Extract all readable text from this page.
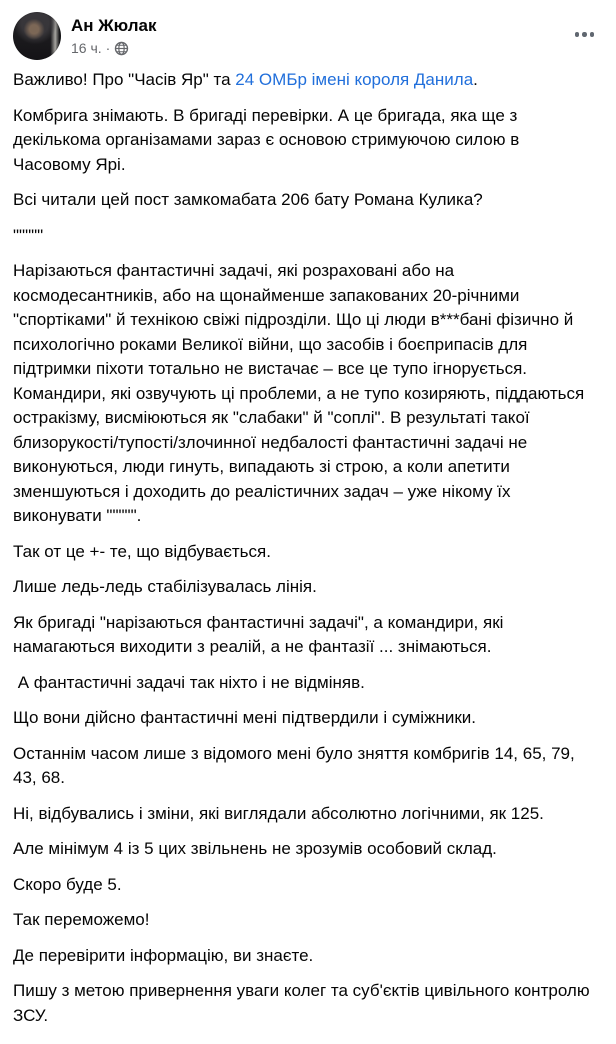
Ан Жюлак
16 ч. ·

Важливо! Про "Часів Яр" та 24 ОМБр імені короля Данила.

Комбрига знімають. В бригаді перевірки. А це бригада, яка ще з декількома організамами зараз є основою стримуючою силою в Часовому Ярі.

Всі читали цей пост замкомабата 206 бату Романа Кулика?

"""""

Нарізаються фантастичні задачі, які розраховані або на космодесантників, або на щонайменше запакованих 20-річними "спортіками" й технікою свіжі підрозділи. Що ці люди в***бані фізично й психологічно роками Великої війни, що засобів і боєприпасів для підтримки піхоти тотально не вистачає – все це тупо ігнорується. Командири, які озвучують ці проблеми, а не тупо козиряють, піддаються остракізму, висміюються як "слабаки" й "соплі". В результаті такої близорукості/тупості/злочинної недбалості фантастичні задачі не виконуються, люди гинуть, випадають зі строю, а коли апетити зменшуються і доходить до реалістичних задач – уже нікому їх виконувати """"".

Так от це +- те, що відбувається.

Лише ледь-ледь стабілізувалась лінія.

Як бригаді "нарізаються фантастичні задачі", а командири, які намагаються виходити з реалій, а не фантазії ... знімаються.

А фантастичні задачі так ніхто і не відміняв.

Що вони дійсно фантастичні мені підтвердили і суміжники.

Останнім часом лише з відомого мені було зняття комбригів 14, 65, 79, 43, 68.

Ні, відбувались і зміни, які виглядали абсолютно логічними, як 125.

Але мінімум 4 із 5 цих звільнень не зрозумів особовий склад.

Скоро буде 5.

Так переможемо!

Де перевірити інформацію, ви знаєте.

Пишу з метою привернення уваги колег та суб'єктів цивільного контролю ЗСУ.
